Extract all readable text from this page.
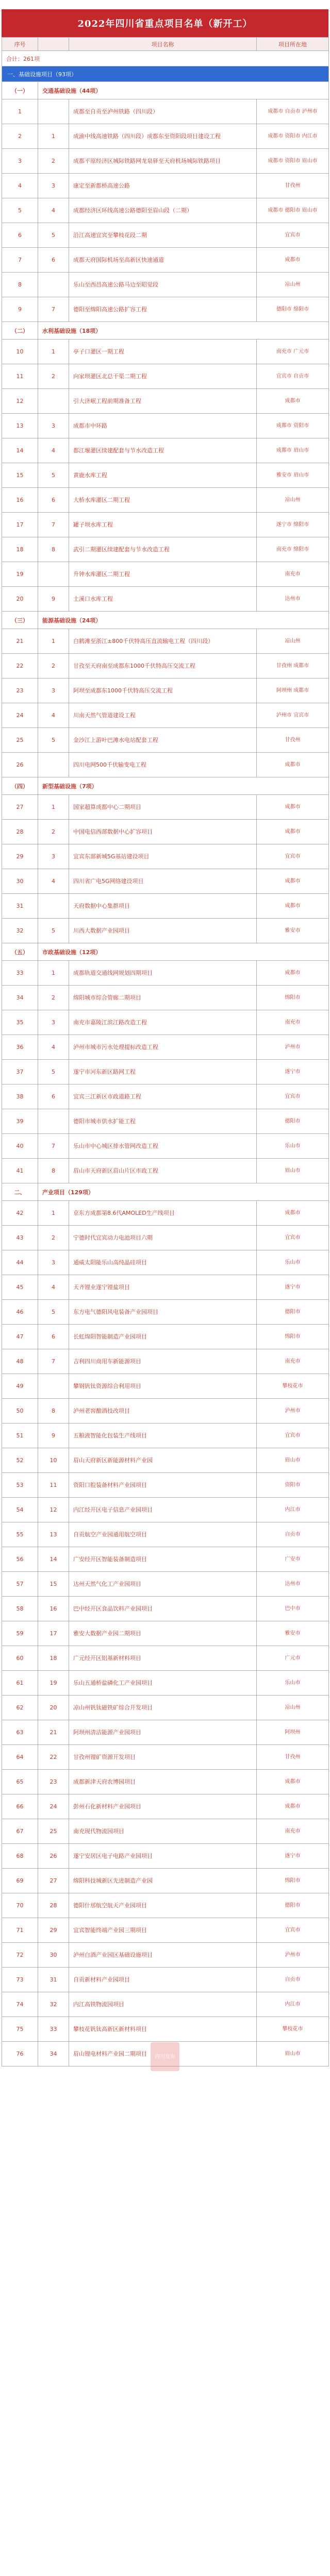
2022年四川省重点项目名单（新开工）
序号		项目名称	项目所在地
合计：261项			
一、基础设施项目（93项）			
（一）	交通基础设施（44项）		
1		成都至自贡至泸州铁路（四川段）	成都市 自贡市 泸州市
2	1	成渝中线高速铁路（四川段）成都东至资阳段项目建设工程	成都市 资阳市 内江市
3	2	成都平原经济区城际铁路网龙泉驿至天府机场城际铁路项目	成都市 资阳市 眉山市
4	3	康定至新都桥高速公路	甘孜州
5	4	成都经济区环线高速公路德阳至眉山段（二期）	成都市 德阳市 眉山市
6	5	沿江高速宜宾至攀枝花段二期	宜宾市
7	6	成都天府国际机场至高新区快速通道	成都市
8		乐山至西昌高速公路马边至昭觉段	凉山州
9	7	德阳至绵阳高速公路扩容工程	德阳市 绵阳市
（二）	水利基础设施（18项）		
10	1	亭子口灌区一期工程	南充市 广元市
11	2	向家坝灌区北总干渠二期工程	宜宾市 自贡市
12		引大济岷工程前期准备工程	成都市
13	3	成都市中环路	成都市 资阳市
14	4	都江堰灌区续建配套与节水改造工程	成都市 眉山市
15	5	黄鹿水库工程	雅安市 眉山市
16	6	大桥水库灌区二期工程	凉山州
17	7	罐子坝水库工程	遂宁市 绵阳市
18	8	武引二期灌区续建配套与节水改造工程	南充市 绵阳市
19		升钟水库灌区二期工程	南充市
20	9	土溪口水库工程	达州市
（三）	能源基础设施（24项）		
21	1	白鹤滩至浙江±800千伏特高压直流输电工程（四川段）	凉山州
22	2	甘孜至天府南至成都东1000千伏特高压交流工程	甘孜州 成都市
23	3	阿坝至成都东1000千伏特高压交流工程	阿坝州 成都市
24	4	川南天然气管道建设工程	泸州市 宜宾市
25	5	金沙江上游叶巴滩水电站配套工程	甘孜州
26		四川电网500千伏输变电工程	成都市
（四）	新型基础设施（7项）		
27	1	国家超算成都中心二期项目	成都市
28	2	中国电信西部数据中心扩容项目	成都市
29	3	宜宾东部新城5G基站建设项目	宜宾市
30	4	四川省广电5G网络建设项目	成都市
31		天府数据中心集群项目	成都市
32	5	川西大数据产业园项目	雅安市
（五）	市政基础设施（12项）		
33	1	成都轨道交通线网规划四期项目	成都市
34	2	绵阳城市综合管廊二期项目	绵阳市
35	3	南充市嘉陵江滨江路改造工程	南充市
36	4	泸州市城市污水处理提标改造工程	泸州市
37	5	遂宁市河东新区路网工程	遂宁市
38	6	宜宾三江新区市政道路工程	宜宾市
39		德阳市城市供水扩能工程	德阳市
40	7	乐山市中心城区排水管网改造工程	乐山市
41	8	眉山市天府新区眉山片区市政工程	眉山市
二、	产业项目（129项）		
42	1	京东方成都第8.6代AMOLED生产线项目	成都市
43	2	宁德时代宜宾动力电池项目六期	宜宾市
44	3	通威太阳能乐山高纯晶硅项目	乐山市
45	4	天齐锂业遂宁锂盐项目	遂宁市
46	5	东方电气德阳风电装备产业园项目	德阳市
47	6	长虹绵阳智能制造产业园项目	绵阳市
48	7	吉利四川商用车新能源项目	南充市
49		攀钢钒钛资源综合利用项目	攀枝花市
50	8	泸州老窖酿酒技改项目	泸州市
51	9	五粮液智能化包装生产线项目	宜宾市
52	10	眉山天府新区新能源材料产业园	眉山市
53	11	资阳口腔装备材料产业园项目	资阳市
54	12	内江经开区电子信息产业园项目	内江市
55	13	自贡航空产业园通用航空项目	自贡市
56	14	广安经开区智能装备制造项目	广安市
57	15	达州天然气化工产业园项目	达州市
58	16	巴中经开区食品饮料产业园项目	巴中市
59	17	雅安大数据产业园二期项目	雅安市
60	18	广元经开区铝基新材料项目	广元市
61	19	乐山五通桥盐磷化工产业园项目	乐山市
62	20	凉山州钒钛磁铁矿综合开发项目	凉山州
63	21	阿坝州清洁能源产业园项目	阿坝州
64	22	甘孜州锂矿资源开发项目	甘孜州
65	23	成都新津天府农博园项目	成都市
66	24	彭州石化新材料产业园项目	成都市
67	25	南充现代物流园项目	南充市
68	26	遂宁安居区电子电路产业园项目	遂宁市
69	27	绵阳科技城新区先进制造产业园	绵阳市
70	28	德阳什邡航空航天产业园项目	德阳市
71	29	宜宾智能终端产业园三期项目	宜宾市
72	30	泸州白酒产业园区基础设施项目	泸州市
73	31	自贡新材料产业园项目	自贡市
74	32	内江高铁物流园项目	内江市
75	33	攀枝花钒钛高新区新材料项目	攀枝花市
76	34	眉山锂电材料产业园二期项目	眉山市
四川发布
